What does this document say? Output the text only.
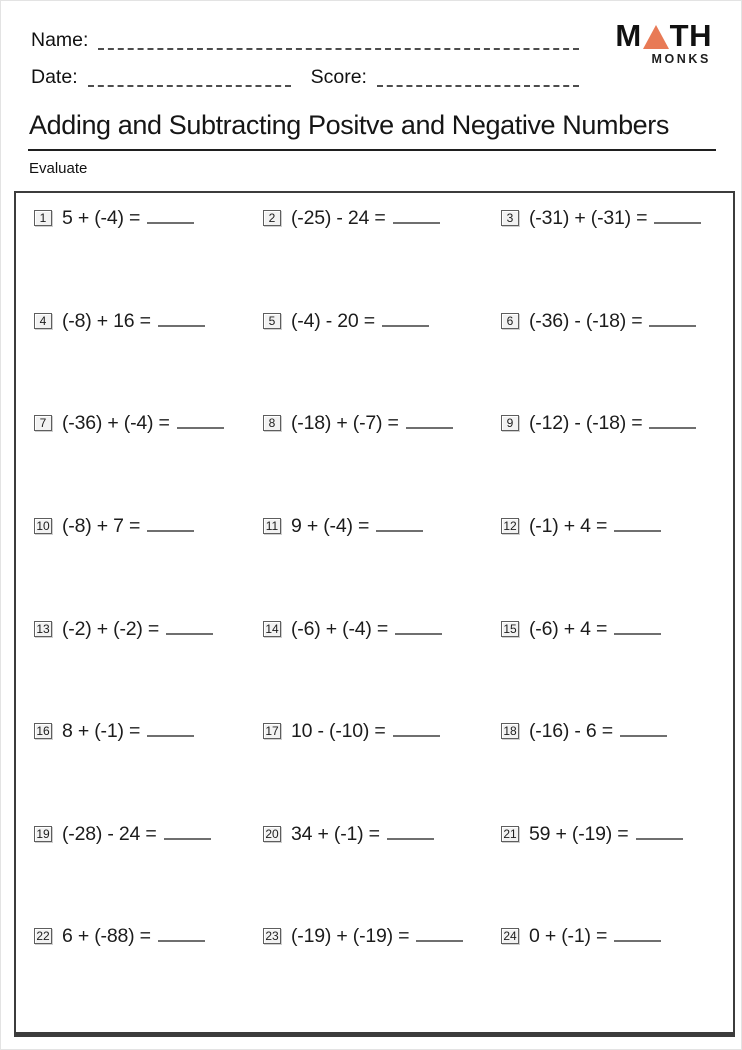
Name:	M TH
MONKS
Date:	Score:
Adding and Subtracting Positve and Negative Numbers
Evaluate
1 5 + (-4) =	2 (-25) - 24 =	3 (-31) + (-31) =
4 (-8) + 16 =	5 (-4) - 20 =	6 (-36) - (-18) =
7 (-36) + (-4) =	8 (-18) + (-7) =	9 (-12) - (-18) =
10 (-8) + 7 =	11 9 + (-4) =	12 (-1) + 4 =
13 (-2) + (-2) =	14 (-6) + (-4) =	15 (-6) + 4 =
16 8 + (-1) =	17 10 - (-10) =	18 (-16) - 6 =
19 (-28) - 24 =	20 34 + (-1) =	21 59 + (-19) =
22 6 + (-88) =	23 (-19) + (-19) =	24 0 + (-1) =
